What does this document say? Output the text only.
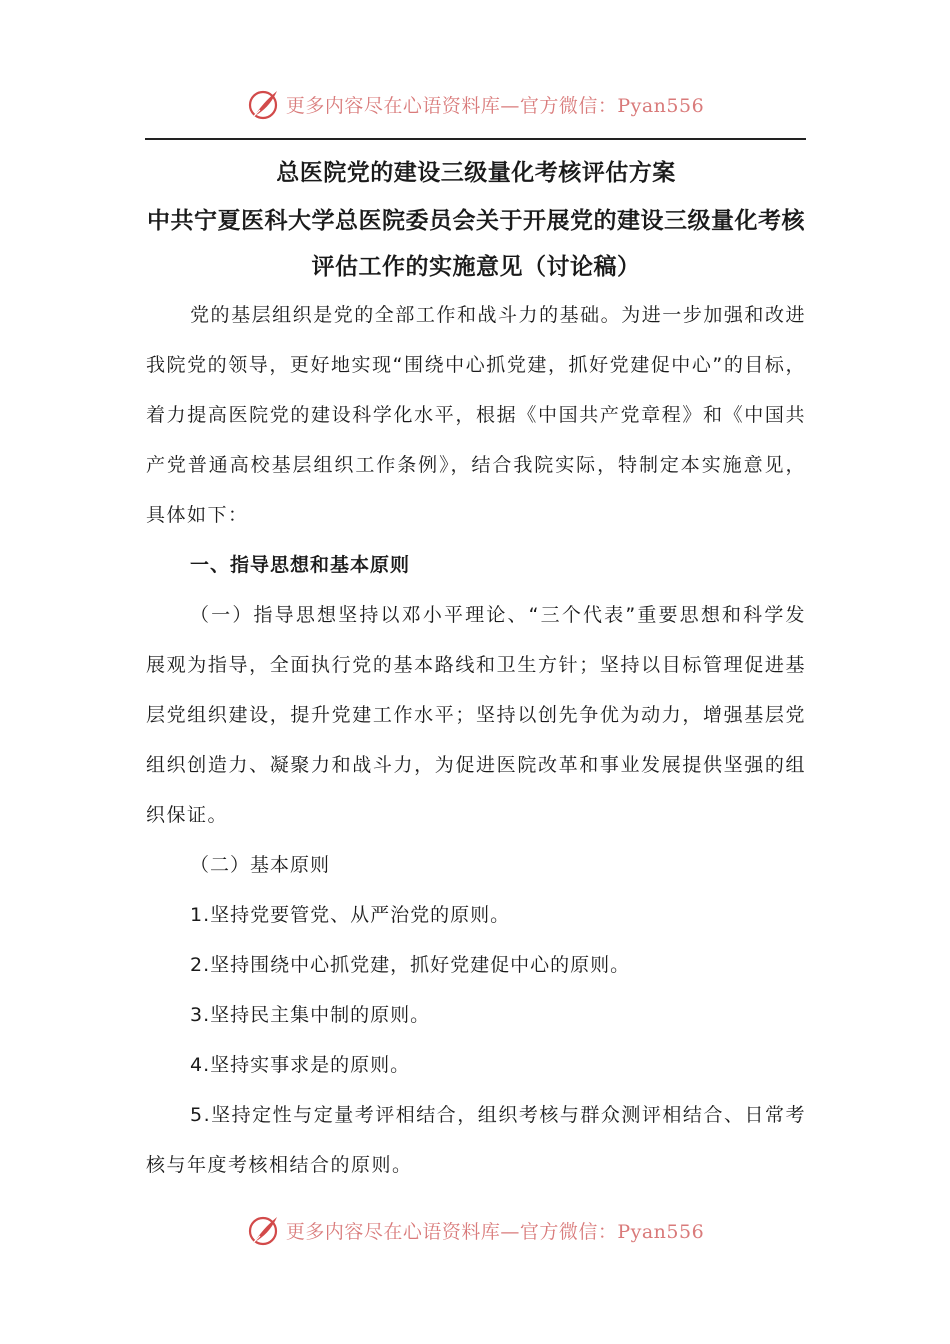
更多内容尽在心语资料库—官方微信：Pyan556
总医院党的建设三级量化考核评估方案
中共宁夏医科大学总医院委员会关于开展党的建设三级量化考核评估工作的实施意见（讨论稿）
党的基层组织是党的全部工作和战斗力的基础。为进一步加强和改进我院党的领导，更好地实现“围绕中心抓党建，抓好党建促中心”的目标，着力提高医院党的建设科学化水平，根据《中国共产党章程》和《中国共产党普通高校基层组织工作条例》，结合我院实际，特制定本实施意见，具体如下：
一、指导思想和基本原则
（一）指导思想坚持以邓小平理论、“三个代表”重要思想和科学发展观为指导，全面执行党的基本路线和卫生方针；坚持以目标管理促进基层党组织建设，提升党建工作水平；坚持以创先争优为动力，增强基层党组织创造力、凝聚力和战斗力，为促进医院改革和事业发展提供坚强的组织保证。
（二）基本原则
1.坚持党要管党、从严治党的原则。
2.坚持围绕中心抓党建，抓好党建促中心的原则。
3.坚持民主集中制的原则。
4.坚持实事求是的原则。
5.坚持定性与定量考评相结合，组织考核与群众测评相结合、日常考核与年度考核相结合的原则。
更多内容尽在心语资料库—官方微信：Pyan556
